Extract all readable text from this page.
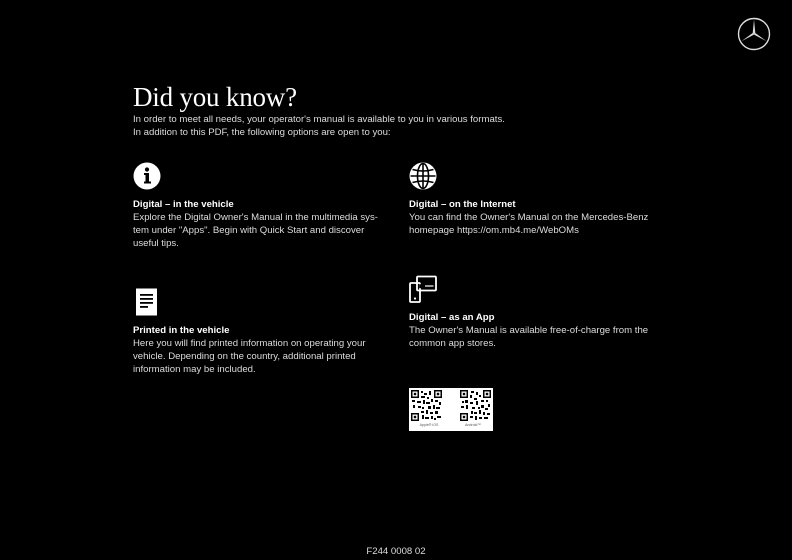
Did you know?
In order to meet all needs, your operator's manual is available to you in various formats.
In addition to this PDF, the following options are open to you:
Digital – in the vehicle

Explore the Digital Owner's Manual in the multimedia sys-
tem under "Apps". Begin with Quick Start and discover
useful tips.

Digital – on the Internet

You can find the Owner's Manual on the Mercedes-Benz
homepage https://om.mb4.me/WebOMs

Printed in the vehicle

Here you will find printed information on operating your
vehicle. Depending on the country, additional printed
information may be included.

Digital – as an App

The Owner's Manual is available free-of-charge from the
common app stores.

Apple® iOS	Android™
F244 0008 02
